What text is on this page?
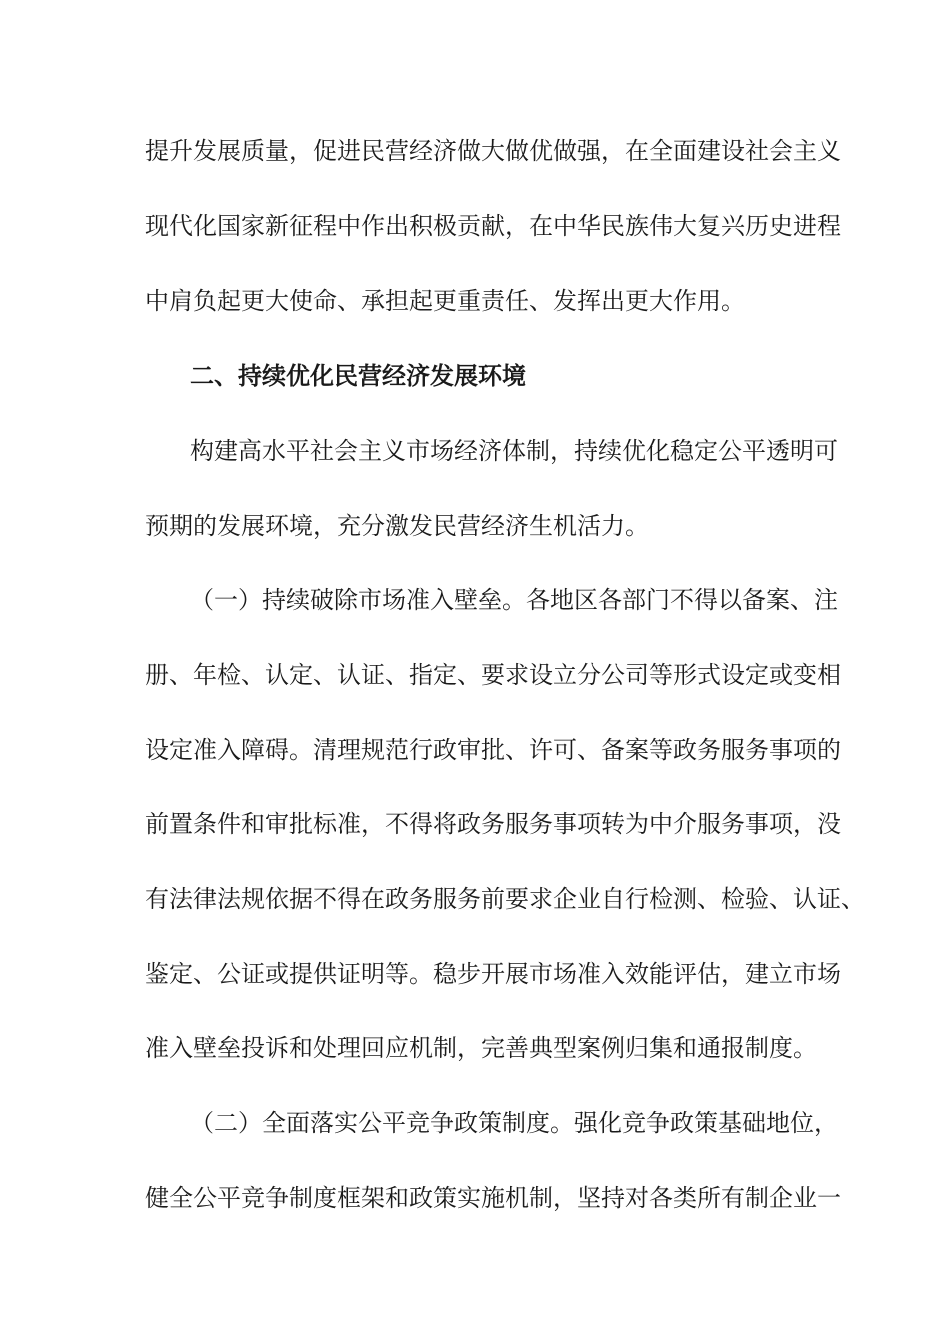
提升发展质量，促进民营经济做大做优做强，在全面建设社会主义
现代化国家新征程中作出积极贡献，在中华民族伟大复兴历史进程
中肩负起更大使命、承担起更重责任、发挥出更大作用。
二、持续优化民营经济发展环境
构建高水平社会主义市场经济体制，持续优化稳定公平透明可
预期的发展环境，充分激发民营经济生机活力。
（一）持续破除市场准入壁垒。各地区各部门不得以备案、注
册、年检、认定、认证、指定、要求设立分公司等形式设定或变相
设定准入障碍。清理规范行政审批、许可、备案等政务服务事项的
前置条件和审批标准，不得将政务服务事项转为中介服务事项，没
有法律法规依据不得在政务服务前要求企业自行检测、检验、认证、
鉴定、公证或提供证明等。稳步开展市场准入效能评估，建立市场
准入壁垒投诉和处理回应机制，完善典型案例归集和通报制度。
（二）全面落实公平竞争政策制度。强化竞争政策基础地位，
健全公平竞争制度框架和政策实施机制，坚持对各类所有制企业一
